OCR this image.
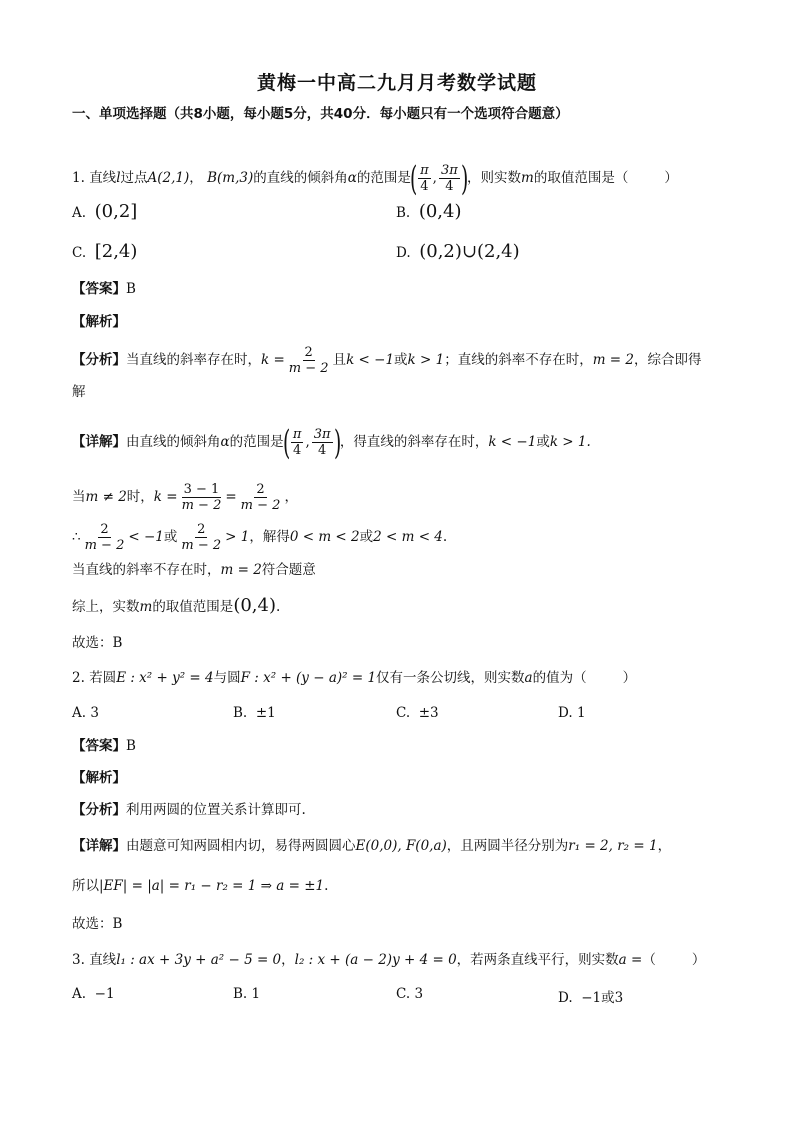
黄梅一中高二九月月考数学试题
一、单项选择题（共8小题，每小题5分，共40分．每小题只有一个选项符合题意）
1. 直线l过点A(2,1)， B(m,3)的直线的倾斜角α的范围是( $\frac{\pi}{4}$ , $\frac{3\pi}{4}$ )，则实数m的取值范围是（	）
A. (0,2]	B. (0,4)
C. [2,4)	D. (0,2)∪(2,4)
【答案】B
【解析】
【分析】当直线的斜率存在时，$k = \frac{2}{m - 2}$ 且k < −1或k > 1；直线的斜率不存在时，m = 2，综合即得
解
【详解】由直线的倾斜角α的范围是( $\frac{\pi}{4}$ , $\frac{3\pi}{4}$ )，得直线的斜率存在时，k < −1或k > 1.
当m ≠ 2时，$k = \frac{3 - 1}{m - 2} = \frac{2}{m - 2}$ ，
∴ $\frac{2}{m - 2} < -1$或 $\frac{2}{m - 2} > 1$，解得0 < m < 2或2 < m < 4.
当直线的斜率不存在时，m = 2符合题意
综上，实数m的取值范围是(0,4).
故选：B
2. 若圆E : x² + y² = 4与圆F : x² + (y − a)² = 1仅有一条公切线，则实数a的值为（	）
A. 3	B. ±1	C. ±3	D. 1
【答案】B
【解析】
【分析】利用两圆的位置关系计算即可.
【详解】由题意可知两圆相内切，易得两圆圆心E(0,0), F(0,a)，且两圆半径分别为r₁ = 2, r₂ = 1，
所以|EF| = |a| = r₁ − r₂ = 1 ⇒ a = ±1.
故选：B
3. 直线l₁ : ax + 3y + a² − 5 = 0，l₂ : x + (a − 2)y + 4 = 0，若两条直线平行，则实数a =（	）
A. −1	B. 1	C. 3	D. −1或3
